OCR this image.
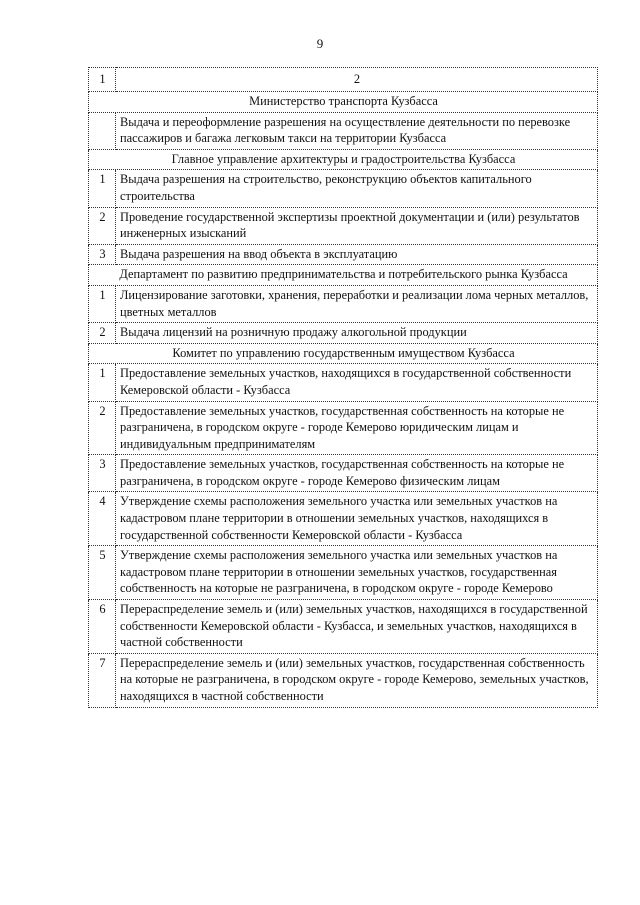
9
1	2
Министерство транспорта Кузбасса	
	Выдача и переоформление разрешения на осуществление деятельности по перевозке пассажиров и багажа легковым такси на территории Кузбасса
Главное управление архитектуры и градостроительства Кузбасса	
1	Выдача разрешения на строительство, реконструкцию объектов капитального строительства
2	Проведение государственной экспертизы проектной документации и (или) результатов инженерных изысканий
3	Выдача разрешения на ввод объекта в эксплуатацию
Департамент по развитию предпринимательства и потребительского рынка Кузбасса	
1	Лицензирование заготовки, хранения, переработки и реализации лома черных металлов, цветных металлов
2	Выдача лицензий на розничную продажу алкогольной продукции
Комитет по управлению государственным имуществом Кузбасса	
1	Предоставление земельных участков, находящихся в государственной собственности Кемеровской области - Кузбасса
2	Предоставление земельных участков, государственная собственность на которые не разграничена, в городском округе - городе Кемерово юридическим лицам и индивидуальным предпринимателям
3	Предоставление земельных участков, государственная собственность на которые не разграничена, в городском округе - городе Кемерово физическим лицам
4	Утверждение схемы расположения земельного участка или земельных участков на кадастровом плане территории в отношении земельных участков, находящихся в государственной собственности Кемеровской области - Кузбасса
5	Утверждение схемы расположения земельного участка или земельных участков на кадастровом плане территории в отношении земельных участков, государственная собственность на которые не разграничена, в городском округе - городе Кемерово
6	Перераспределение земель и (или) земельных участков, находящихся в государственной собственности Кемеровской области - Кузбасса, и земельных участков, находящихся в частной собственности
7	Перераспределение земель и (или) земельных участков, государственная собственность на которые не разграничена, в городском округе - городе Кемерово, земельных участков, находящихся в частной собственности
